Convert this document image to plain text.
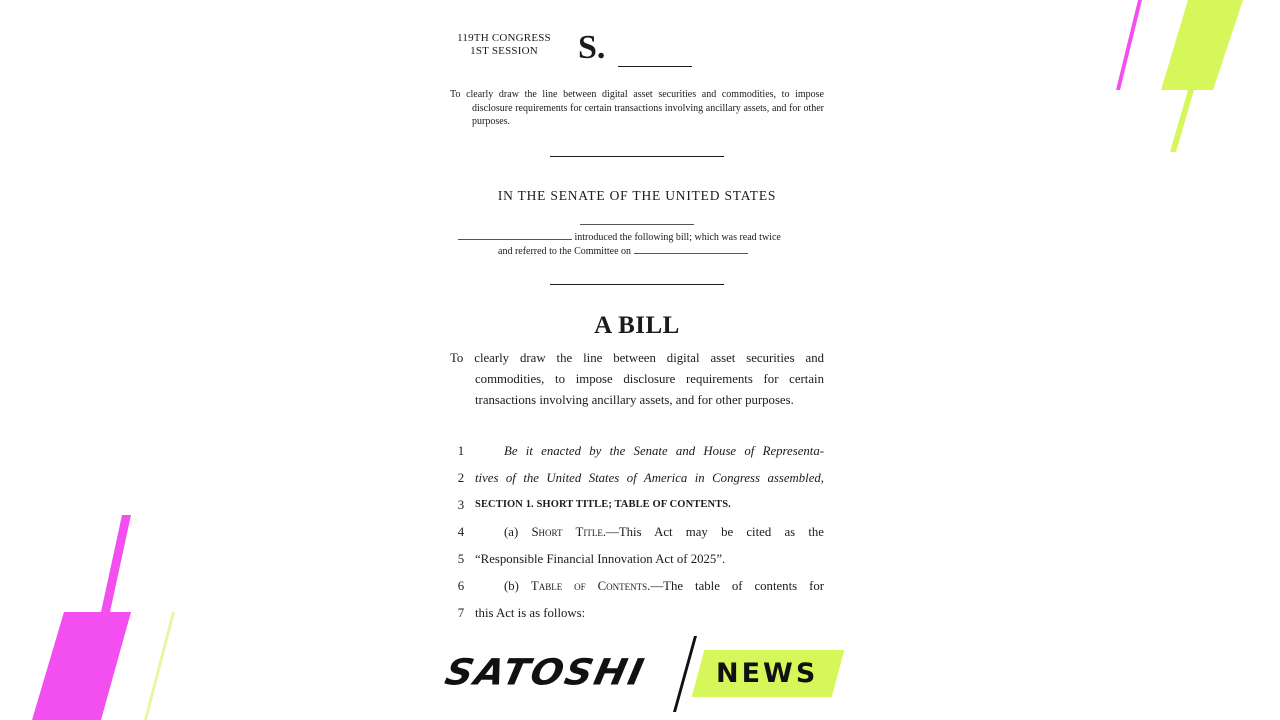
119TH CONGRESS
1ST SESSION	S.
To clearly draw the line between digital asset securities and commodities, to impose disclosure requirements for certain transactions involving ancillary assets, and for other purposes.
IN THE SENATE OF THE UNITED STATES
introduced the following bill; which was read twice
and referred to the Committee on
A BILL
To clearly draw the line between digital asset securities and commodities, to impose disclosure requirements for certain transactions involving ancillary assets, and for other purposes.
1	Be it enacted by the Senate and House of Representa-
2 tives of the United States of America in Congress assembled,
3	SECTION 1. SHORT TITLE; TABLE OF CONTENTS.
4	(a) Short Title.—This Act may be cited as the
5 “Responsible Financial Innovation Act of 2025”.
6	(b) Table of Contents.—The table of contents for
7 this Act is as follows:
SATOSHI NEWS
